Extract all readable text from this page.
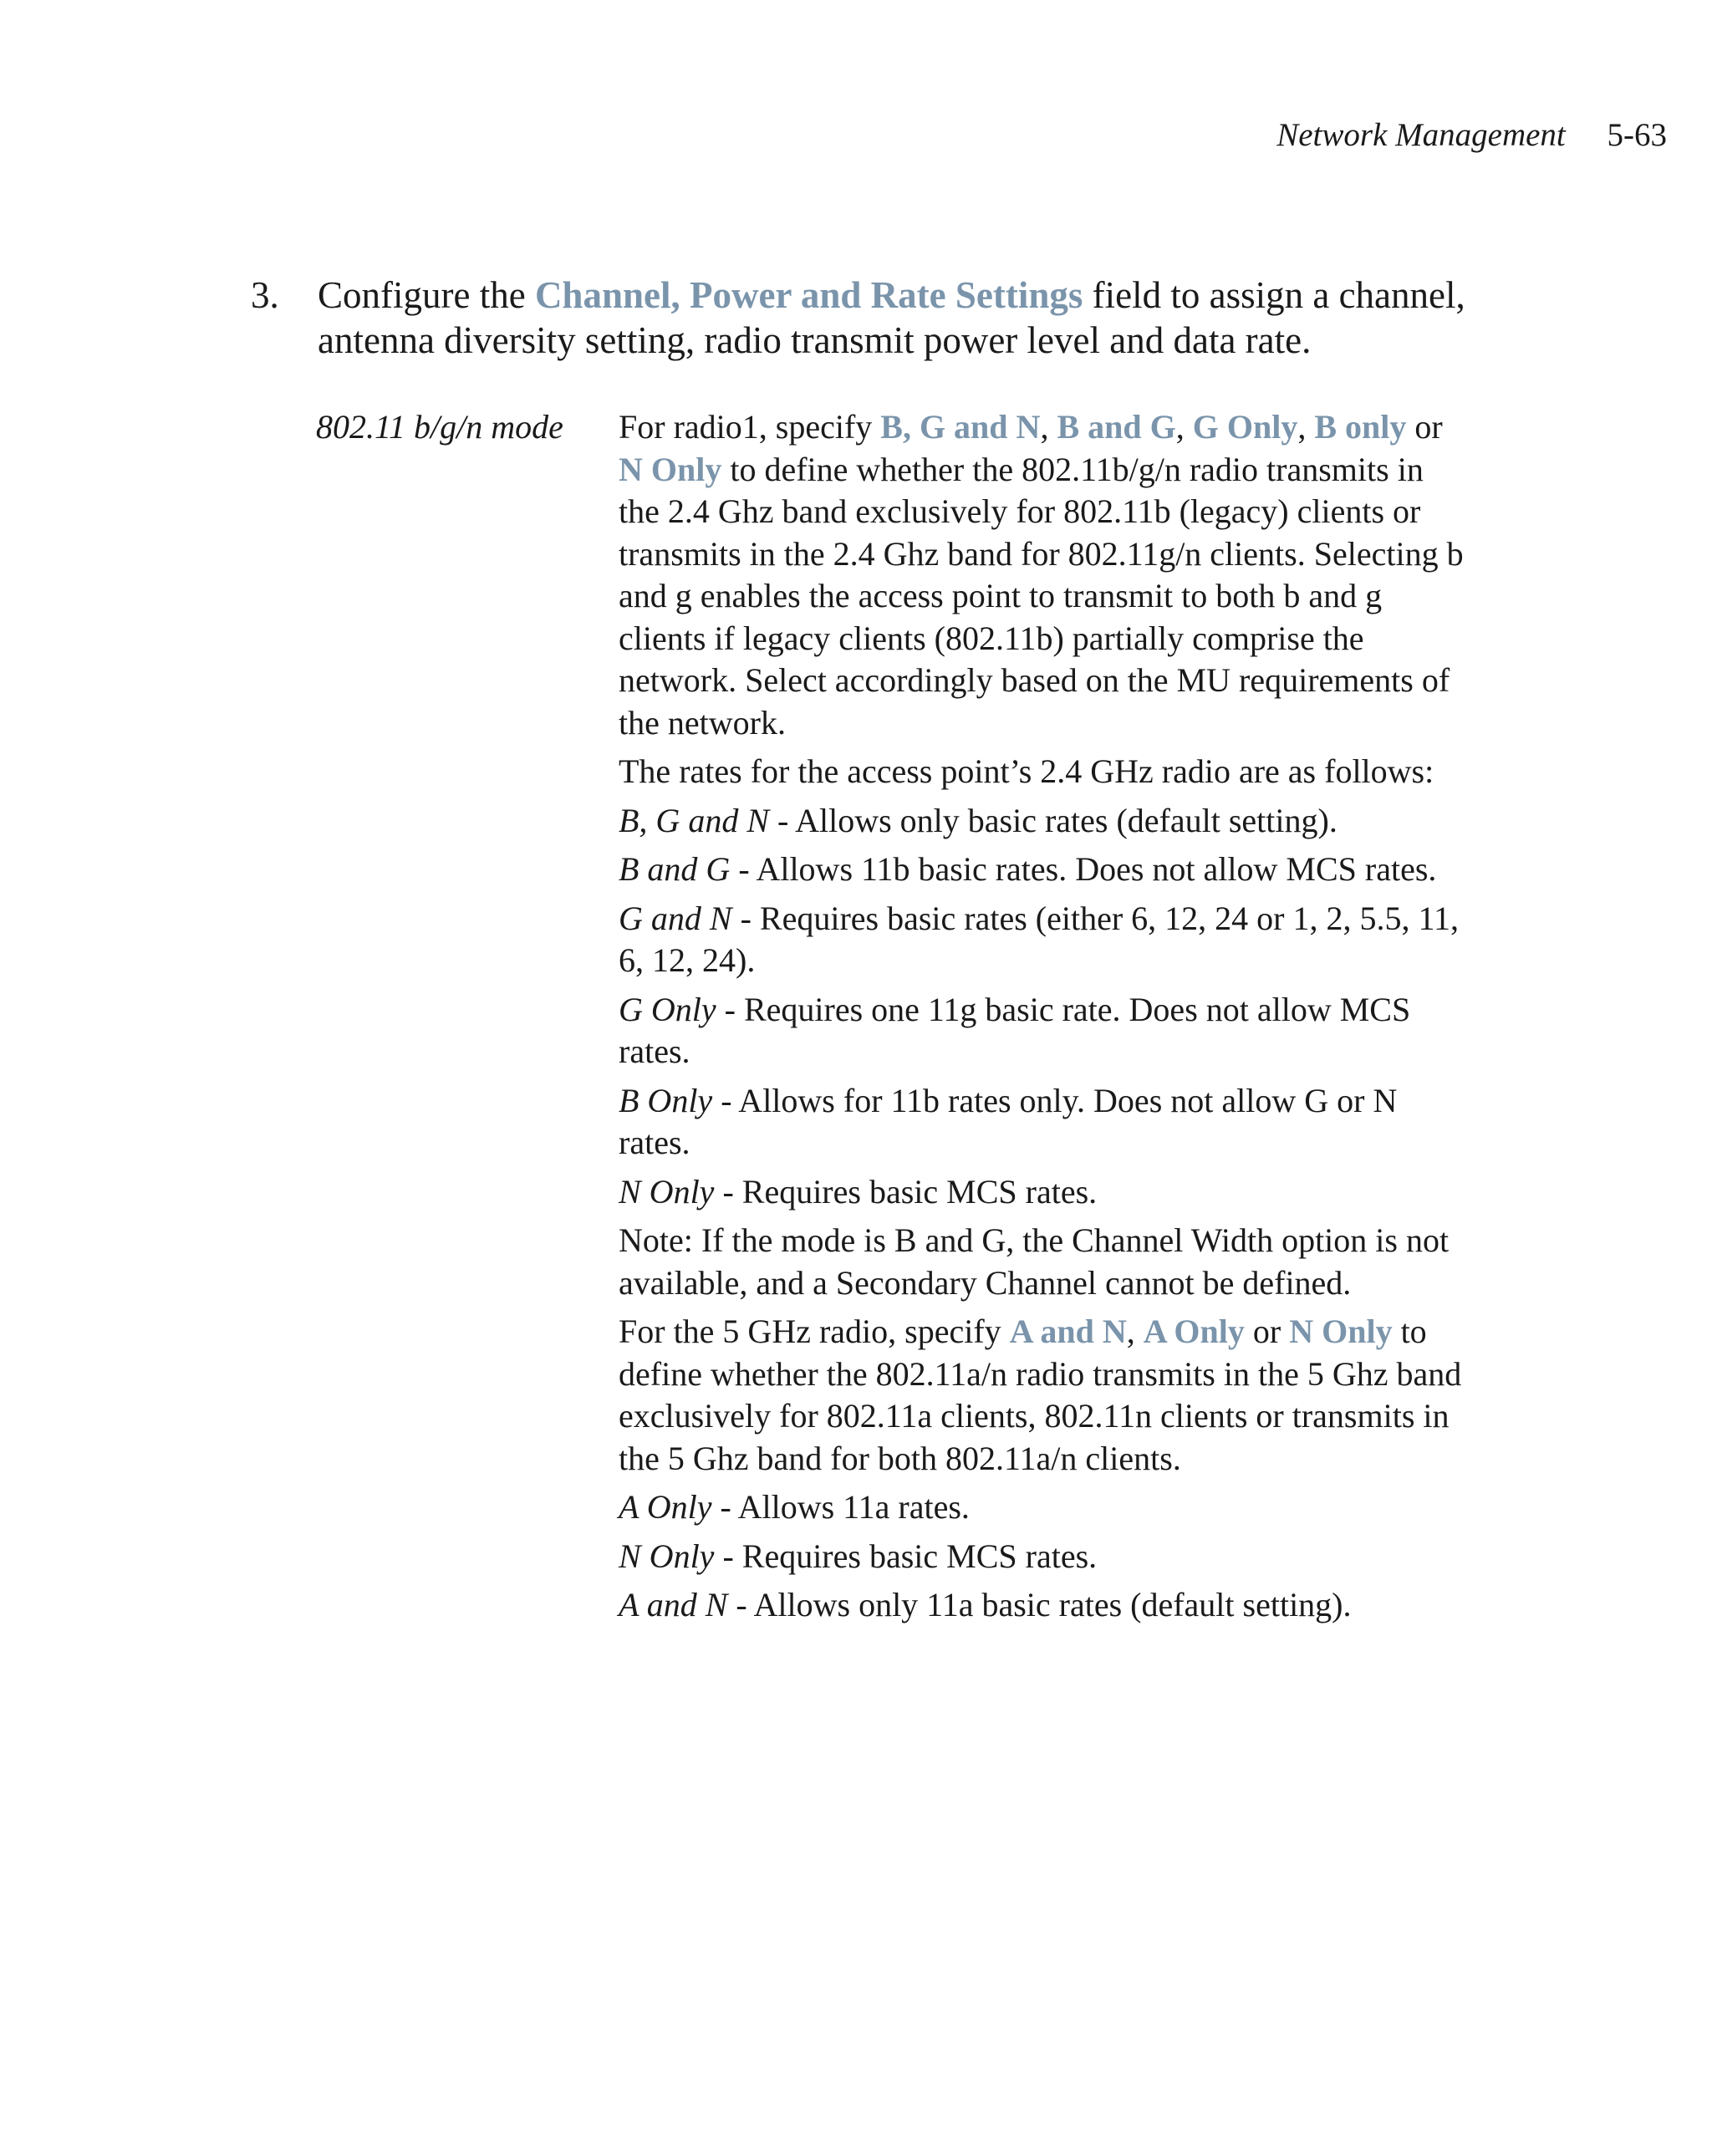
Network Management 5-63
3. Configure the Channel, Power and Rate Settings field to assign a channel, antenna diversity setting, radio transmit power level and data rate.
802.11 b/g/n mode For radio1, specify B, G and N, B and G, G Only, B only or N Only to define whether the 802.11b/g/n radio transmits in the 2.4 Ghz band exclusively for 802.11b (legacy) clients or transmits in the 2.4 Ghz band for 802.11g/n clients. Selecting b and g enables the access point to transmit to both b and g clients if legacy clients (802.11b) partially comprise the network. Select accordingly based on the MU requirements of the network.

The rates for the access point’s 2.4 GHz radio are as follows:

B, G and N - Allows only basic rates (default setting).

B and G - Allows 11b basic rates. Does not allow MCS rates.

G and N - Requires basic rates (either 6, 12, 24 or 1, 2, 5.5, 11, 6, 12, 24).

G Only - Requires one 11g basic rate. Does not allow MCS rates.

B Only - Allows for 11b rates only. Does not allow G or N rates.

N Only - Requires basic MCS rates.

Note: If the mode is B and G, the Channel Width option is not available, and a Secondary Channel cannot be defined.

For the 5 GHz radio, specify A and N, A Only or N Only to define whether the 802.11a/n radio transmits in the 5 Ghz band exclusively for 802.11a clients, 802.11n clients or transmits in the 5 Ghz band for both 802.11a/n clients.

A Only - Allows 11a rates.

N Only - Requires basic MCS rates.

A and N - Allows only 11a basic rates (default setting).
